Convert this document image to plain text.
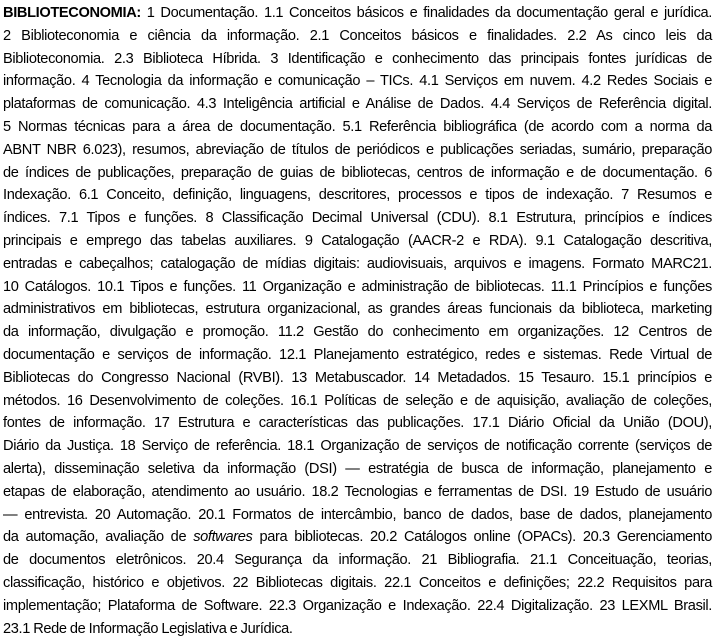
BIBLIOTECONOMIA: 1 Documentação. 1.1 Conceitos básicos e finalidades da documentação geral e jurídica.
2 Biblioteconomia e ciência da informação. 2.1 Conceitos básicos e finalidades. 2.2 As cinco leis da
Biblioteconomia. 2.3 Biblioteca Híbrida. 3 Identificação e conhecimento das principais fontes jurídicas de
informação. 4 Tecnologia da informação e comunicação – TICs. 4.1 Serviços em nuvem. 4.2 Redes Sociais e
plataformas de comunicação. 4.3 Inteligência artificial e Análise de Dados. 4.4 Serviços de Referência digital.
5 Normas técnicas para a área de documentação. 5.1 Referência bibliográfica (de acordo com a norma da
ABNT NBR 6.023), resumos, abreviação de títulos de periódicos e publicações seriadas, sumário, preparação
de índices de publicações, preparação de guias de bibliotecas, centros de informação e de documentação. 6
Indexação. 6.1 Conceito, definição, linguagens, descritores, processos e tipos de indexação. 7 Resumos e
índices. 7.1 Tipos e funções. 8 Classificação Decimal Universal (CDU). 8.1 Estrutura, princípios e índices
principais e emprego das tabelas auxiliares. 9 Catalogação (AACR-2 e RDA). 9.1 Catalogação descritiva,
entradas e cabeçalhos; catalogação de mídias digitais: audiovisuais, arquivos e imagens. Formato MARC21.
10 Catálogos. 10.1 Tipos e funções. 11 Organização e administração de bibliotecas. 11.1 Princípios e funções
administrativos em bibliotecas, estrutura organizacional, as grandes áreas funcionais da biblioteca, marketing
da informação, divulgação e promoção. 11.2 Gestão do conhecimento em organizações. 12 Centros de
documentação e serviços de informação. 12.1 Planejamento estratégico, redes e sistemas. Rede Virtual de
Bibliotecas do Congresso Nacional (RVBI). 13 Metabuscador. 14 Metadados. 15 Tesauro. 15.1 princípios e
métodos. 16 Desenvolvimento de coleções. 16.1 Políticas de seleção e de aquisição, avaliação de coleções,
fontes de informação. 17 Estrutura e características das publicações. 17.1 Diário Oficial da União (DOU),
Diário da Justiça. 18 Serviço de referência. 18.1 Organização de serviços de notificação corrente (serviços de
alerta), disseminação seletiva da informação (DSI) — estratégia de busca de informação, planejamento e
etapas de elaboração, atendimento ao usuário. 18.2 Tecnologias e ferramentas de DSI. 19 Estudo de usuário
— entrevista. 20 Automação. 20.1 Formatos de intercâmbio, banco de dados, base de dados, planejamento
da automação, avaliação de softwares para bibliotecas. 20.2 Catálogos online (OPACs). 20.3 Gerenciamento
de documentos eletrônicos. 20.4 Segurança da informação. 21 Bibliografia. 21.1 Conceituação, teorias,
classificação, histórico e objetivos. 22 Bibliotecas digitais. 22.1 Conceitos e definições; 22.2 Requisitos para
implementação; Plataforma de Software. 22.3 Organização e Indexação. 22.4 Digitalização. 23 LEXML Brasil.
23.1 Rede de Informação Legislativa e Jurídica.
